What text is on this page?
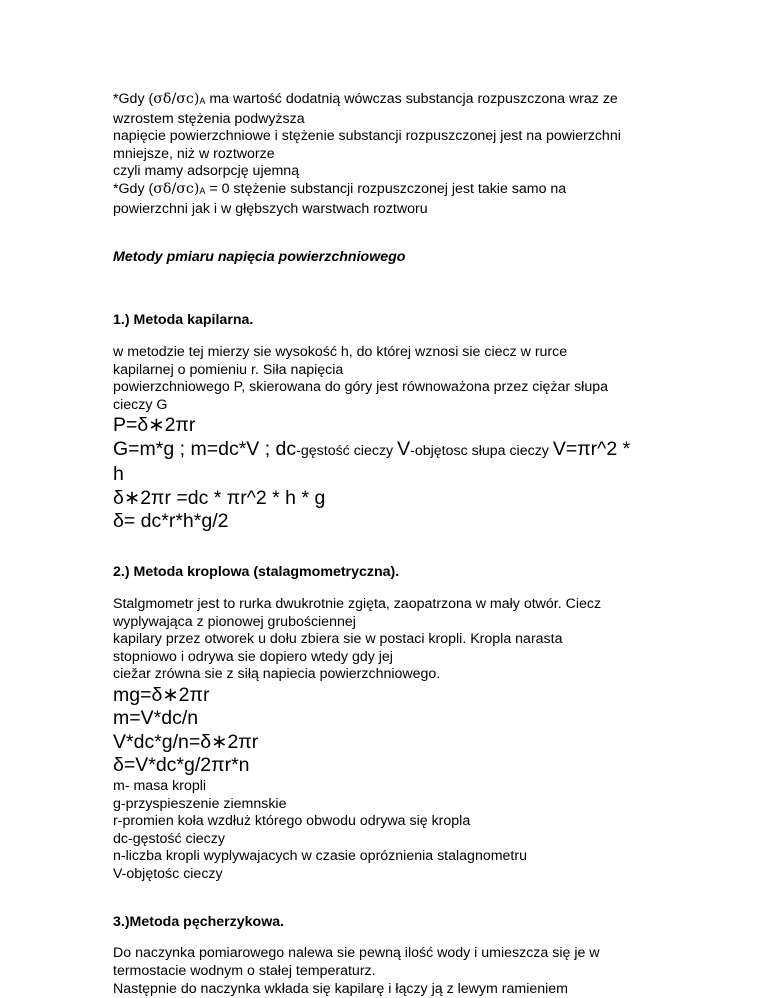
*Gdy (σδ/σc)A ma wartość dodatnią wówczas substancja rozpuszczona wraz ze

wzrostem stężenia podwyższa

napięcie powierzchniowe i stężenie substancji rozpuszczonej jest na powierzchni

mniejsze, niż w roztworze

czyli mamy adsorpcję ujemną

*Gdy (σδ/σc)A = 0 stężenie substancji rozpuszczonej jest takie samo na

powierzchni jak i w głębszych warstwach roztworu

Metody pmiaru napięcia powierzchniowego

1.) Metoda kapilarna.

w metodzie tej mierzy sie wysokość h, do której wznosi sie ciecz w rurce

kapilarnej o pomieniu r. Siła napięcia

powierzchniowego P, skierowana do góry jest równoważona przez ciężar słupa

cieczy G

P=δ∗2πr

G=m*g ; m=dc*V ; dc-gęstość cieczy V-objętosc słupa cieczy V=πr^2 *

h

δ∗2πr =dc * πr^2 * h * g

δ= dc*r*h*g/2

2.) Metoda kroplowa (stalagmometryczna).

Stalgmometr jest to rurka dwukrotnie zgięta, zaopatrzona w mały otwór. Ciecz

wyplywająca z pionowej grubościennej

kapilary przez otworek u dołu zbiera sie w postaci kropli. Kropla narasta

stopniowo i odrywa sie dopiero wtedy gdy jej

ciežar zrówna sie z siłą napiecia powierzchniowego.

mg=δ∗2πr

m=V*dc/n

V*dc*g/n=δ∗2πr

δ=V*dc*g/2πr*n

m- masa kropli

g-przyspieszenie ziemnskie

r-promien koła wzdłuż którego obwodu odrywa się kropla

dc-gęstość cieczy

n-liczba kropli wyplywajacych w czasie opróznienia stalagnometru

V-objętośc cieczy

3.)Metoda pęcherzykowa.

Do naczynka pomiarowego nalewa sie pewną ilość wody i umieszcza się je w

termostacie wodnym o stałej temperaturz.

Następnie do naczynka wkłada się kapilarę i łączy ją z lewym ramieniem
